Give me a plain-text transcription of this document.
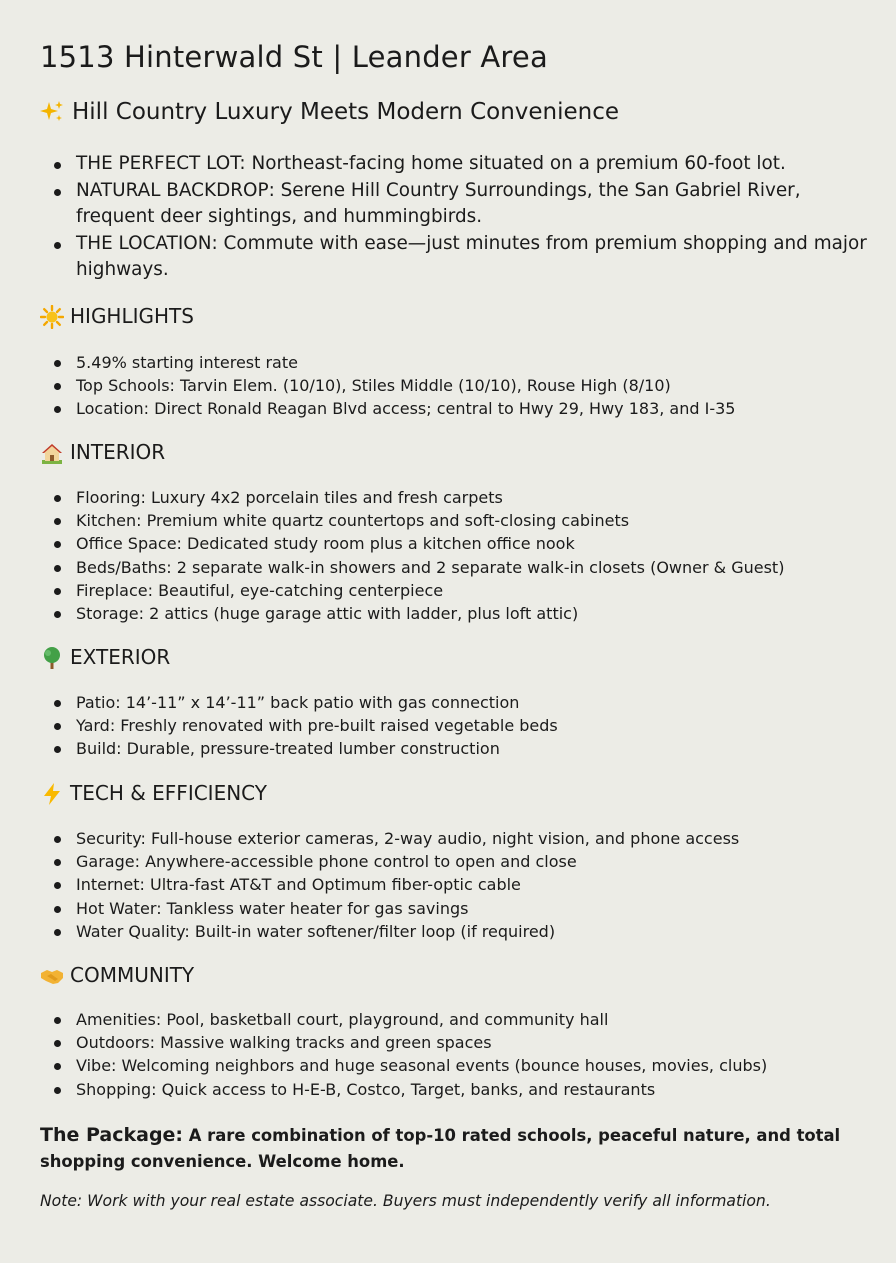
1513 Hinterwald St | Leander Area
Hill Country Luxury Meets Modern Convenience
THE PERFECT LOT: Northeast-facing home situated on a premium 60-foot lot.
NATURAL BACKDROP: Serene Hill Country Surroundings, the San Gabriel River, frequent deer sightings, and hummingbirds.
THE LOCATION: Commute with ease—just minutes from premium shopping and major highways.
HIGHLIGHTS
5.49% starting interest rate
Top Schools: Tarvin Elem. (10/10), Stiles Middle (10/10), Rouse High (8/10)
Location: Direct Ronald Reagan Blvd access; central to Hwy 29, Hwy 183, and I-35
INTERIOR
Flooring: Luxury 4x2 porcelain tiles and fresh carpets
Kitchen: Premium white quartz countertops and soft-closing cabinets
Office Space: Dedicated study room plus a kitchen office nook
Beds/Baths: 2 separate walk-in showers and 2 separate walk-in closets (Owner & Guest)
Fireplace: Beautiful, eye-catching centerpiece
Storage: 2 attics (huge garage attic with ladder, plus loft attic)
EXTERIOR
Patio: 14’-11” x 14’-11” back patio with gas connection
Yard: Freshly renovated with pre-built raised vegetable beds
Build: Durable, pressure-treated lumber construction
TECH & EFFICIENCY
Security: Full-house exterior cameras, 2-way audio, night vision, and phone access
Garage: Anywhere-accessible phone control to open and close
Internet: Ultra-fast AT&T and Optimum fiber-optic cable
Hot Water: Tankless water heater for gas savings
Water Quality: Built-in water softener/filter loop (if required)
COMMUNITY
Amenities: Pool, basketball court, playground, and community hall
Outdoors: Massive walking tracks and green spaces
Vibe: Welcoming neighbors and huge seasonal events (bounce houses, movies, clubs)
Shopping: Quick access to H-E-B, Costco, Target, banks, and restaurants

The Package: A rare combination of top-10 rated schools, peaceful nature, and total shopping convenience. Welcome home.

Note: Work with your real estate associate. Buyers must independently verify all information.
